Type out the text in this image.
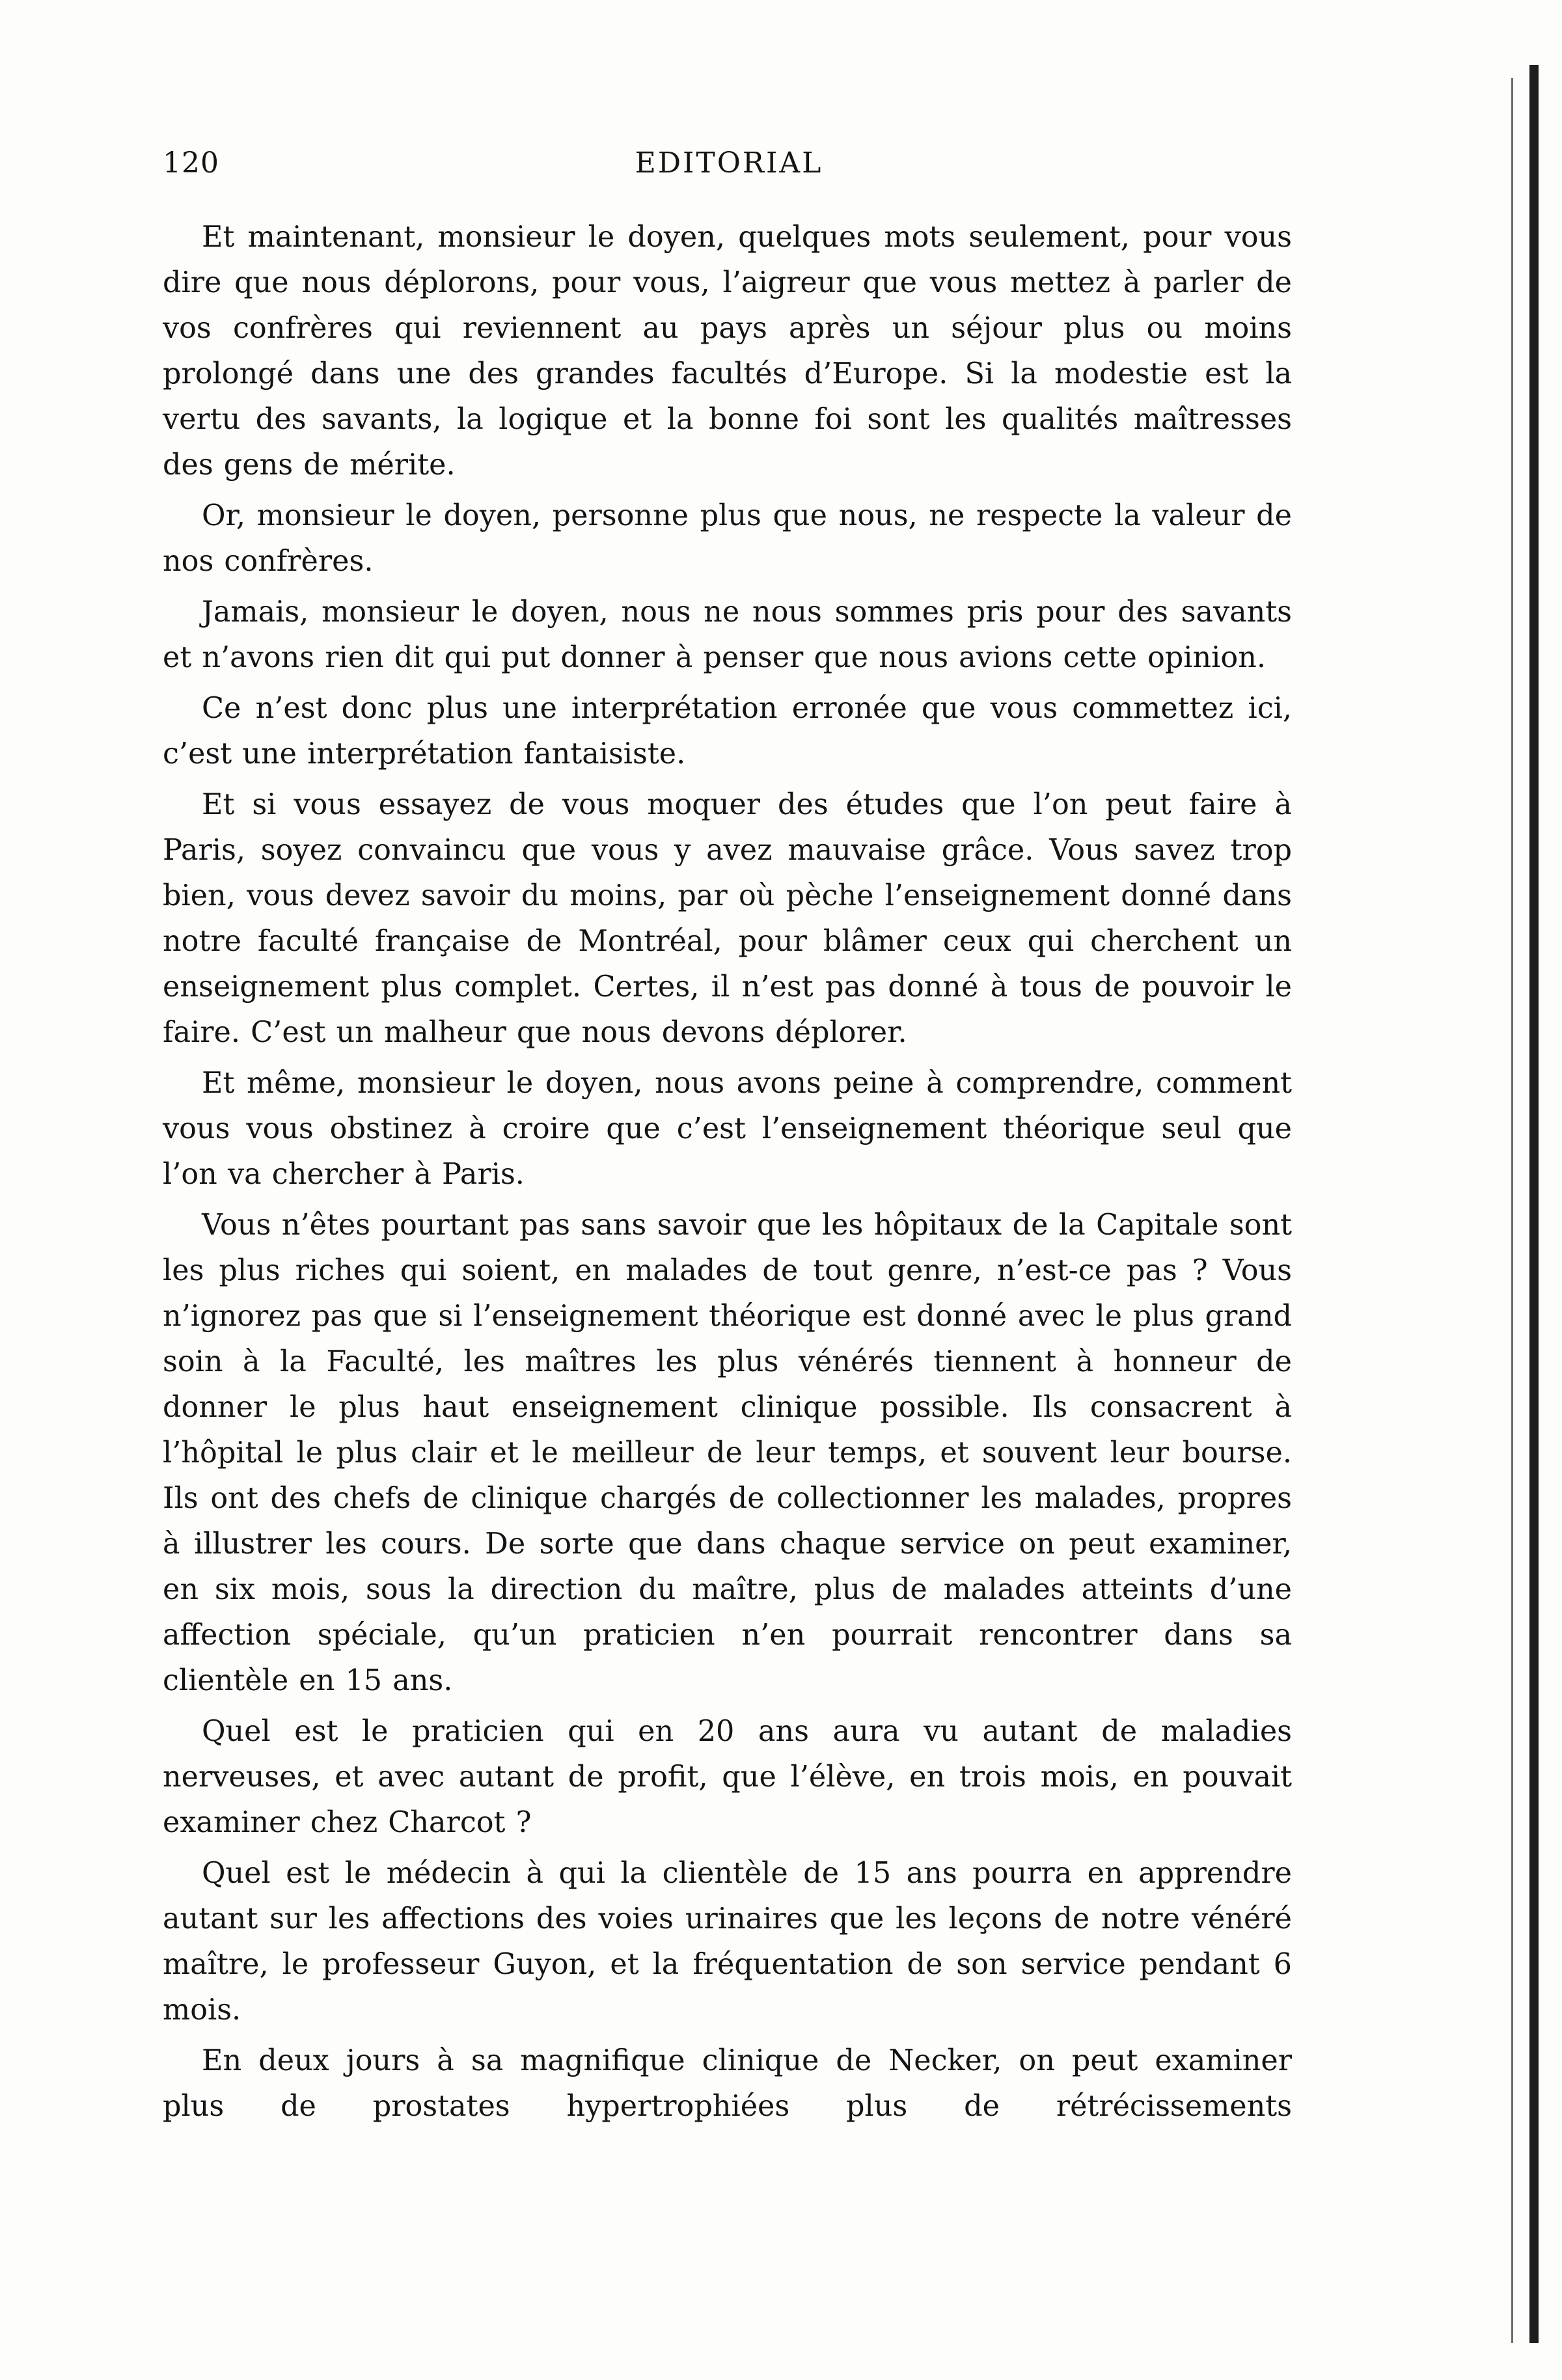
120	EDITORIAL

Et maintenant, monsieur le doyen, quelques mots seulement, pour vous dire que nous déplorons, pour vous, l’aigreur que vous mettez à parler de vos confrères qui reviennent au pays après un séjour plus ou moins prolongé dans une des grandes facultés d’Europe. Si la modestie est la vertu des savants, la logique et la bonne foi sont les qualités maîtresses des gens de mérite.

Or, monsieur le doyen, personne plus que nous, ne respecte la valeur de nos confrères.

Jamais, monsieur le doyen, nous ne nous sommes pris pour des savants et n’avons rien dit qui put donner à penser que nous avions cette opinion.

Ce n’est donc plus une interprétation erronée que vous commettez ici, c’est une interprétation fantaisiste.

Et si vous essayez de vous moquer des études que l’on peut faire à Paris, soyez convaincu que vous y avez mauvaise grâce. Vous savez trop bien, vous devez savoir du moins, par où pèche l’enseignement donné dans notre faculté française de Montréal, pour blâmer ceux qui cherchent un enseignement plus complet. Certes, il n’est pas donné à tous de pouvoir le faire. C’est un malheur que nous devons déplorer.

Et même, monsieur le doyen, nous avons peine à comprendre, comment vous vous obstinez à croire que c’est l’enseignement théorique seul que l’on va chercher à Paris.

Vous n’êtes pourtant pas sans savoir que les hôpitaux de la Capitale sont les plus riches qui soient, en malades de tout genre, n’est-ce pas ? Vous n’ignorez pas que si l’enseignement théorique est donné avec le plus grand soin à la Faculté, les maîtres les plus vénérés tiennent à honneur de donner le plus haut enseignement clinique possible. Ils consacrent à l’hôpital le plus clair et le meilleur de leur temps, et souvent leur bourse. Ils ont des chefs de clinique chargés de collectionner les malades, propres à illustrer les cours. De sorte que dans chaque service on peut examiner, en six mois, sous la direction du maître, plus de malades atteints d’une affection spéciale, qu’un praticien n’en pourrait rencontrer dans sa clientèle en 15 ans.

Quel est le praticien qui en 20 ans aura vu autant de maladies nerveuses, et avec autant de profit, que l’élève, en trois mois, en pouvait examiner chez Charcot ?

Quel est le médecin à qui la clientèle de 15 ans pourra en apprendre autant sur les affections des voies urinaires que les leçons de notre vénéré maître, le professeur Guyon, et la fréquentation de son service pendant 6 mois.

En deux jours à sa magnifique clinique de Necker, on peut examiner plus de prostates hypertrophiées plus de rétrécissements
